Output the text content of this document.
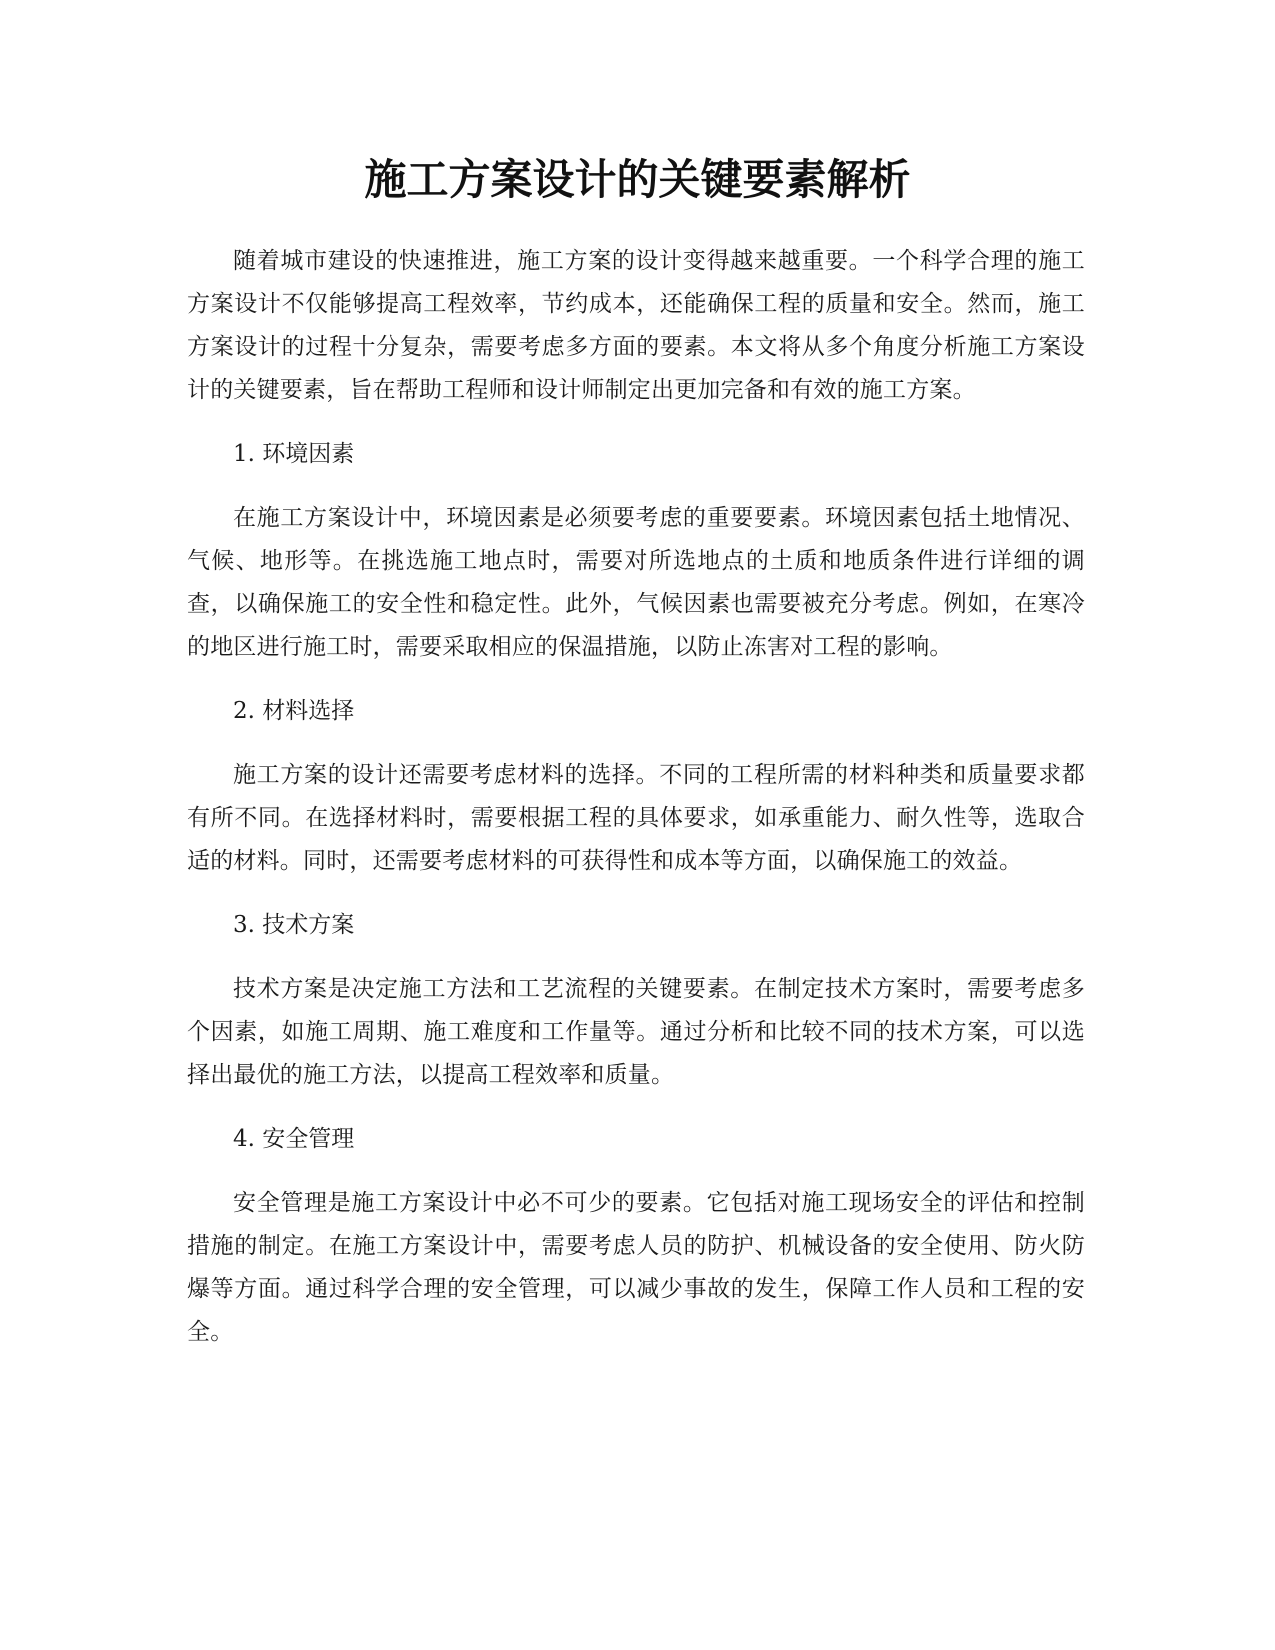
施工方案设计的关键要素解析

随着城市建设的快速推进，施工方案的设计变得越来越重要。一个科学合理的施工方案设计不仅能够提高工程效率，节约成本，还能确保工程的质量和安全。然而，施工方案设计的过程十分复杂，需要考虑多方面的要素。本文将从多个角度分析施工方案设计的关键要素，旨在帮助工程师和设计师制定出更加完备和有效的施工方案。

1. 环境因素

在施工方案设计中，环境因素是必须要考虑的重要要素。环境因素包括土地情况、气候、地形等。在挑选施工地点时，需要对所选地点的土质和地质条件进行详细的调查，以确保施工的安全性和稳定性。此外，气候因素也需要被充分考虑。例如，在寒冷的地区进行施工时，需要采取相应的保温措施，以防止冻害对工程的影响。

2. 材料选择

施工方案的设计还需要考虑材料的选择。不同的工程所需的材料种类和质量要求都有所不同。在选择材料时，需要根据工程的具体要求，如承重能力、耐久性等，选取合适的材料。同时，还需要考虑材料的可获得性和成本等方面，以确保施工的效益。

3. 技术方案

技术方案是决定施工方法和工艺流程的关键要素。在制定技术方案时，需要考虑多个因素，如施工周期、施工难度和工作量等。通过分析和比较不同的技术方案，可以选择出最优的施工方法，以提高工程效率和质量。

4. 安全管理

安全管理是施工方案设计中必不可少的要素。它包括对施工现场安全的评估和控制措施的制定。在施工方案设计中，需要考虑人员的防护、机械设备的安全使用、防火防爆等方面。通过科学合理的安全管理，可以减少事故的发生，保障工作人员和工程的安全。
